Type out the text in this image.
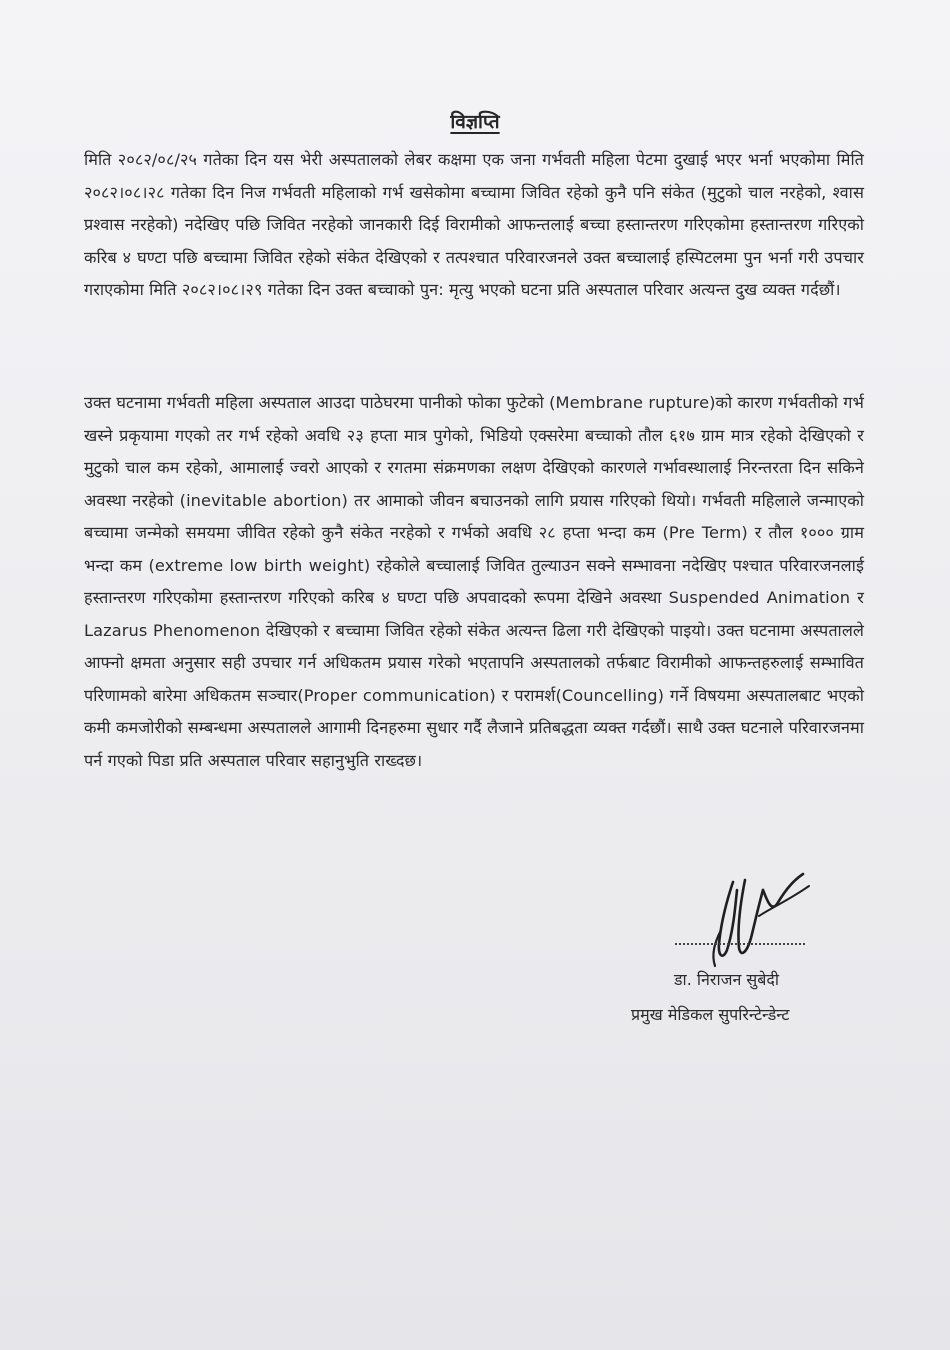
विज्ञप्ति

मिति २०८२/०८/२५ गतेका दिन यस भेरी अस्पतालको लेबर कक्षमा एक जना गर्भवती महिला पेटमा दुखाई भएर भर्ना भएकोमा मिति २०८२।०८।२८ गतेका दिन निज गर्भवती महिलाको गर्भ खसेकोमा बच्चामा जिवित रहेको कुनै पनि संकेत (मुटुको चाल नरहेको, श्वास प्रश्वास नरहेको) नदेखिए पछि जिवित नरहेको जानकारी दिई विरामीको आफन्तलाई बच्चा हस्तान्तरण गरिएकोमा हस्तान्तरण गरिएको करिब ४ घण्टा पछि बच्चामा जिवित रहेको संकेत देखिएको र तत्पश्चात परिवारजनले उक्त बच्चालाई हस्पिटलमा पुन भर्ना गरी उपचार गराएकोमा मिति २०८२।०८।२९ गतेका दिन उक्त बच्चाको पुन: मृत्यु भएको घटना प्रति अस्पताल परिवार अत्यन्त दुख व्यक्त गर्दछौं।

उक्त घटनामा गर्भवती महिला अस्पताल आउदा पाठेघरमा पानीको फोका फुटेको (Membrane rupture)को कारण गर्भवतीको गर्भ खस्ने प्रकृयामा गएको तर गर्भ रहेको अवधि २३ हप्ता मात्र पुगेको, भिडियो एक्सरेमा बच्चाको तौल ६१७ ग्राम मात्र रहेको देखिएको र मुटुको चाल कम रहेको, आमालाई ज्वरो आएको र रगतमा संक्रमणका लक्षण देखिएको कारणले गर्भावस्थालाई निरन्तरता दिन सकिने अवस्था नरहेको (inevitable abortion) तर आमाको जीवन बचाउनको लागि प्रयास गरिएको थियो। गर्भवती महिलाले जन्माएको बच्चामा जन्मेको समयमा जीवित रहेको कुनै संकेत नरहेको र गर्भको अवधि २८ हप्ता भन्दा कम (Pre Term) र तौल १००० ग्राम भन्दा कम (extreme low birth weight) रहेकोले बच्चालाई जिवित तुल्याउन सक्ने सम्भावना नदेखिए पश्चात परिवारजनलाई हस्तान्तरण गरिएकोमा हस्तान्तरण गरिएको करिब ४ घण्टा पछि अपवादको रूपमा देखिने अवस्था Suspended Animation र Lazarus Phenomenon देखिएको र बच्चामा जिवित रहेको संकेत अत्यन्त ढिला गरी देखिएको पाइयो। उक्त घटनामा अस्पतालले आफ्नो क्षमता अनुसार सही उपचार गर्न अधिकतम प्रयास गरेको भएतापनि अस्पतालको तर्फबाट विरामीको आफन्तहरुलाई सम्भावित परिणामको बारेमा अधिकतम सञ्चार(Proper communication) र परामर्श(Councelling) गर्ने विषयमा अस्पतालबाट भएको कमी कमजोरीको सम्बन्धमा अस्पतालले आगामी दिनहरुमा सुधार गर्दै लैजाने प्रतिबद्धता व्यक्त गर्दछौं। साथै उक्त घटनाले परिवारजनमा पर्न गएको पिडा प्रति अस्पताल परिवार सहानुभुति राख्दछ।

डा. निराजन सुबेदी
प्रमुख मेडिकल सुपरिन्टेन्डेन्ट
